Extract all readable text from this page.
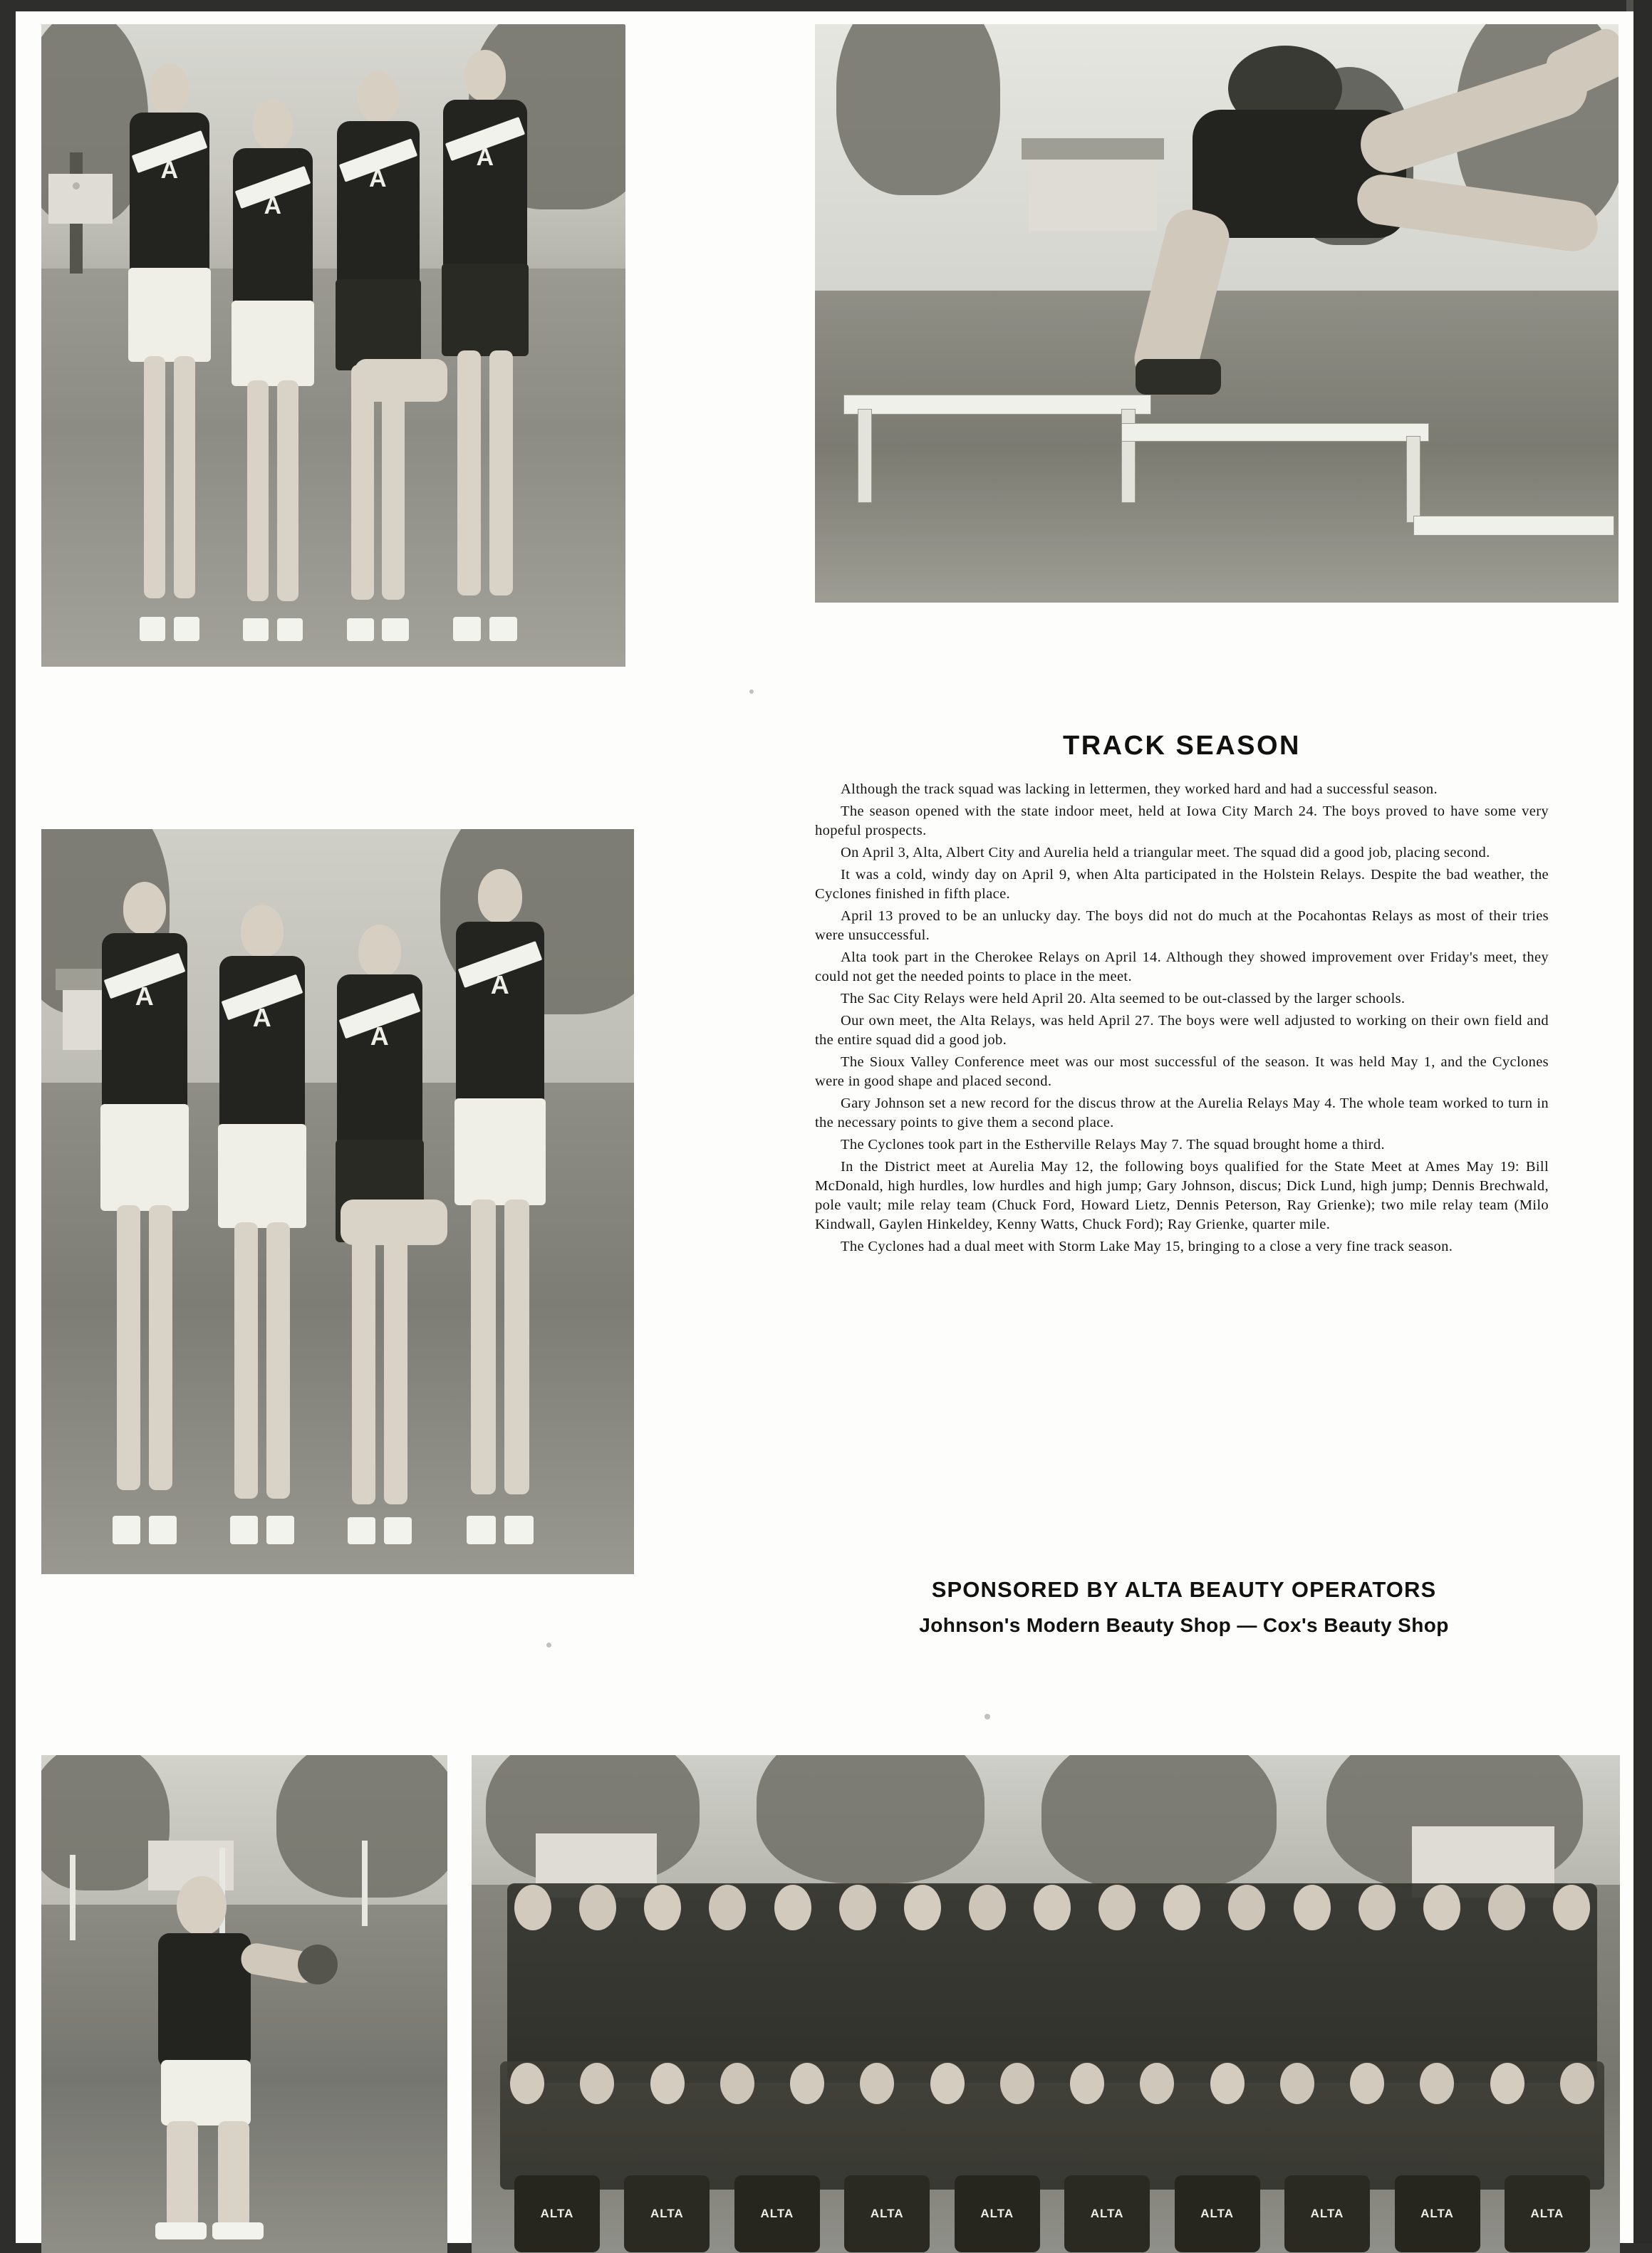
A
A
A
A
A
A
A
A
ALTA	ALTA	ALTA	ALTA	ALTA	ALTA	ALTA	ALTA	ALTA	ALTA
TRACK SEASON

Although the track squad was lacking in lettermen, they worked hard and had a successful season.

The season opened with the state indoor meet, held at Iowa City March 24. The boys proved to have some very hopeful prospects.

On April 3, Alta, Albert City and Aurelia held a triangular meet. The squad did a good job, placing second.

It was a cold, windy day on April 9, when Alta participated in the Holstein Relays. Despite the bad weather, the Cyclones finished in fifth place.

April 13 proved to be an unlucky day. The boys did not do much at the Pocahontas Relays as most of their tries were unsuccessful.

Alta took part in the Cherokee Relays on April 14. Although they showed improvement over Friday's meet, they could not get the needed points to place in the meet.

The Sac City Relays were held April 20. Alta seemed to be out-classed by the larger schools.

Our own meet, the Alta Relays, was held April 27. The boys were well adjusted to working on their own field and the entire squad did a good job.

The Sioux Valley Conference meet was our most successful of the season. It was held May 1, and the Cyclones were in good shape and placed second.

Gary Johnson set a new record for the discus throw at the Aurelia Relays May 4. The whole team worked to turn in the necessary points to give them a second place.

The Cyclones took part in the Estherville Relays May 7. The squad brought home a third.

In the District meet at Aurelia May 12, the following boys qualified for the State Meet at Ames May 19: Bill McDonald, high hurdles, low hurdles and high jump; Gary Johnson, discus; Dick Lund, high jump; Dennis Brechwald, pole vault; mile relay team (Chuck Ford, Howard Lietz, Dennis Peterson, Ray Grienke); two mile relay team (Milo Kindwall, Gaylen Hinkeldey, Kenny Watts, Chuck Ford); Ray Grienke, quarter mile.

The Cyclones had a dual meet with Storm Lake May 15, bringing to a close a very fine track season.

SPONSORED BY ALTA BEAUTY OPERATORS
Johnson's Modern Beauty Shop — Cox's Beauty Shop
